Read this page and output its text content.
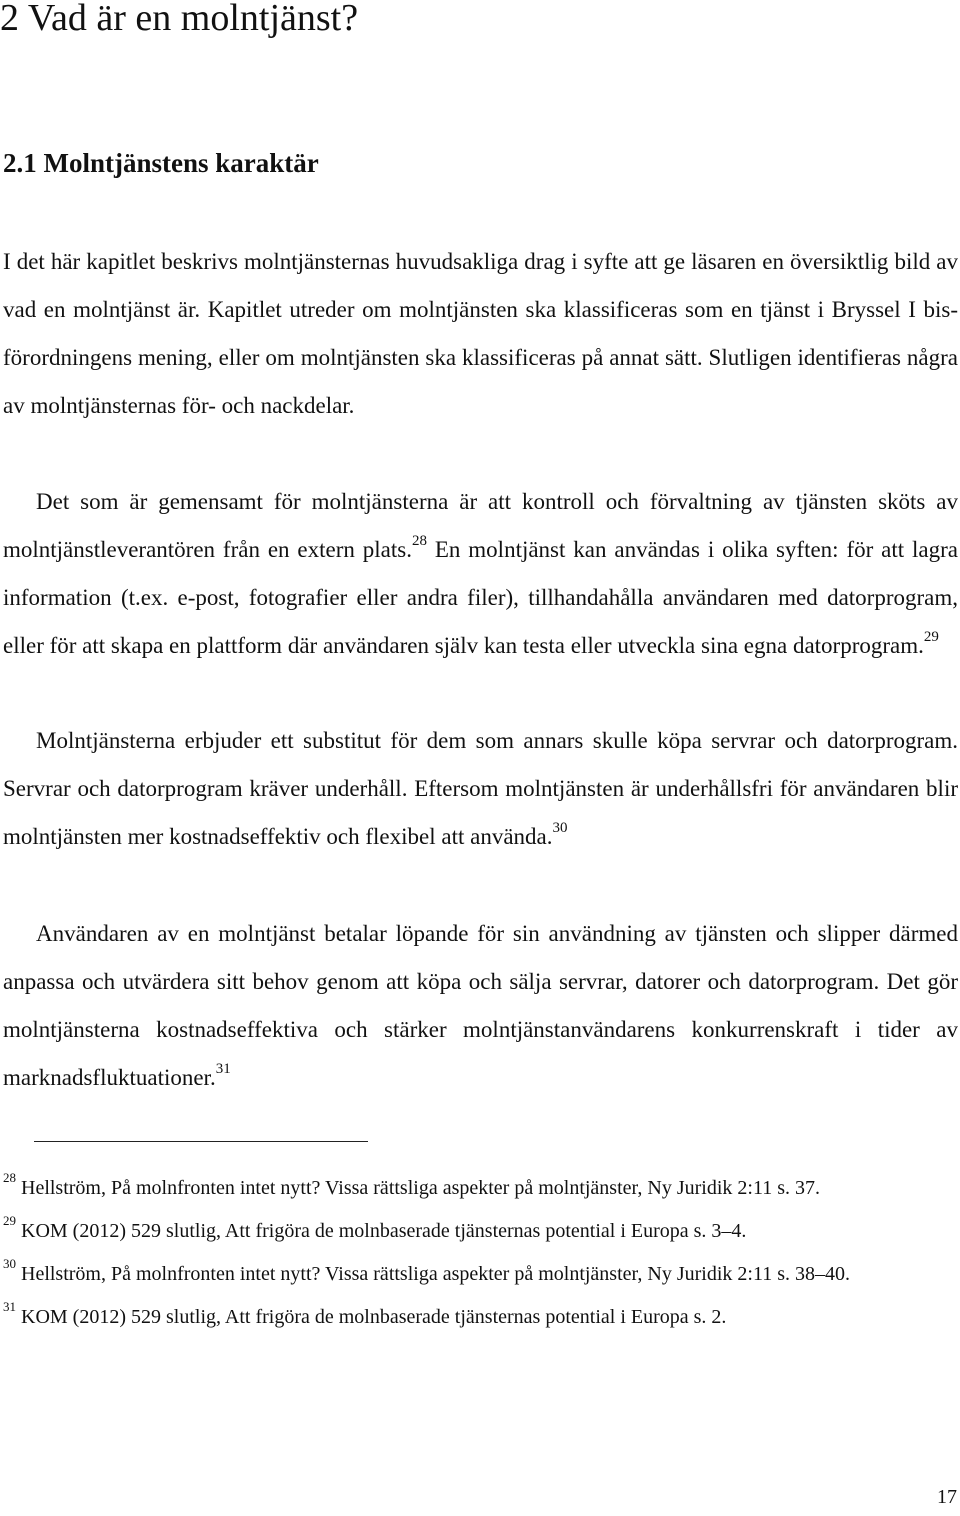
2 Vad är en molntjänst?
2.1 Molntjänstens karaktär

I det här kapitlet beskrivs molntjänsternas huvudsakliga drag i syfte att ge läsaren en översiktlig bild av vad en molntjänst är. Kapitlet utreder om molntjänsten ska klassificeras som en tjänst i Bryssel I bis-förordningens mening, eller om molntjänsten ska klassificeras på annat sätt. Slutligen identifieras några av molntjänsternas för- och nackdelar.

Det som är gemensamt för molntjänsterna är att kontroll och förvaltning av tjänsten sköts av molntjänstleverantören från en extern plats.$^{28}$ En molntjänst kan användas i olika syften: för att lagra information (t.ex. e-post, fotografier eller andra filer), tillhandahålla användaren med datorprogram, eller för att skapa en plattform där användaren själv kan testa eller utveckla sina egna datorprogram.$^{29}$

Molntjänsterna erbjuder ett substitut för dem som annars skulle köpa servrar och datorprogram. Servrar och datorprogram kräver underhåll. Eftersom molntjänsten är underhållsfri för användaren blir molntjänsten mer kostnadseffektiv och flexibel att använda.$^{30}$

Användaren av en molntjänst betalar löpande för sin användning av tjänsten och slipper därmed anpassa och utvärdera sitt behov genom att köpa och sälja servrar, datorer och datorprogram. Det gör molntjänsterna kostnadseffektiva och stärker molntjänstanvändarens konkurrenskraft i tider av marknadsfluktuationer.$^{31}$

$^{28}$ Hellström, På molnfronten intet nytt? Vissa rättsliga aspekter på molntjänster, Ny Juridik 2:11 s. 37.

$^{29}$ KOM (2012) 529 slutlig, Att frigöra de molnbaserade tjänsternas potential i Europa s. 3–4.

$^{30}$ Hellström, På molnfronten intet nytt? Vissa rättsliga aspekter på molntjänster, Ny Juridik 2:11 s. 38–40.

$^{31}$ KOM (2012) 529 slutlig, Att frigöra de molnbaserade tjänsternas potential i Europa s. 2.

17
